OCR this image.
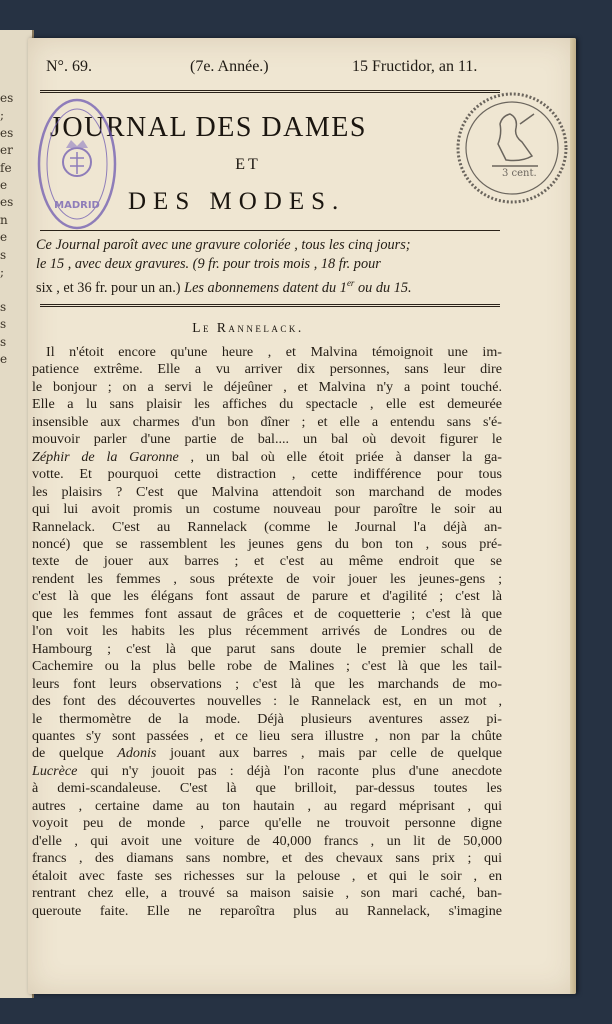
es
;
es
er
fe
e
es
n
e
s
;
s
s
s
e
N°. 69.	(7e. Année.)	15 Fructidor, an 11.
JOURNAL DES DAMES
ET
DES MODES.
Ce Journal paroît avec une gravure coloriée , tous les cinq jours;
le 15 , avec deux gravures. (9 fr. pour trois mois , 18 fr. pour
six , et 36 fr. pour un an.) Les abonnemens datent du 1er ou du 15.
Le Rannelack.
Il n'étoit encore qu'une heure , et Malvina témoignoit une im-
patience extrême. Elle a vu arriver dix personnes, sans leur dire
le bonjour ; on a servi le déjeûner , et Malvina n'y a point touché.
Elle a lu sans plaisir les affiches du spectacle , elle est demeurée
insensible aux charmes d'un bon dîner ; et elle a entendu sans s'é-
mouvoir parler d'une partie de bal.... un bal où devoit figurer le
Zéphir de la Garonne , un bal où elle étoit priée à danser la ga-
votte. Et pourquoi cette distraction , cette indifférence pour tous
les plaisirs ? C'est que Malvina attendoit son marchand de modes
qui lui avoit promis un costume nouveau pour paroître le soir au
Rannelack. C'est au Rannelack (comme le Journal l'a déjà an-
noncé) que se rassemblent les jeunes gens du bon ton , sous pré-
texte de jouer aux barres ; et c'est au même endroit que se
rendent les femmes , sous prétexte de voir jouer les jeunes-gens ;
c'est là que les élégans font assaut de parure et d'agilité ; c'est là
que les femmes font assaut de grâces et de coquetterie ; c'est là que
l'on voit les habits les plus récemment arrivés de Londres ou de
Hambourg ; c'est là que parut sans doute le premier schall de
Cachemire ou la plus belle robe de Malines ; c'est là que les tail-
leurs font leurs observations ; c'est là que les marchands de mo-
des font des découvertes nouvelles : le Rannelack est, en un mot ,
le thermomètre de la mode. Déjà plusieurs aventures assez pi-
quantes s'y sont passées , et ce lieu sera illustre , non par la chûte
de quelque Adonis jouant aux barres , mais par celle de quelque
Lucrèce qui n'y jouoit pas : déjà l'on raconte plus d'une anecdote
à demi-scandaleuse. C'est là que brilloit, par-dessus toutes les
autres , certaine dame au ton hautain , au regard méprisant , qui
voyoit peu de monde , parce qu'elle ne trouvoit personne digne
d'elle , qui avoit une voiture de 40,000 francs , un lit de 50,000
francs , des diamans sans nombre, et des chevaux sans prix ; qui
étaloit avec faste ses richesses sur la pelouse , et qui le soir , en
rentrant chez elle, a trouvé sa maison saisie , son mari caché, ban-
queroute faite. Elle ne reparoîtra plus au Rannelack, s'imagine
MADRID
3 cent.
